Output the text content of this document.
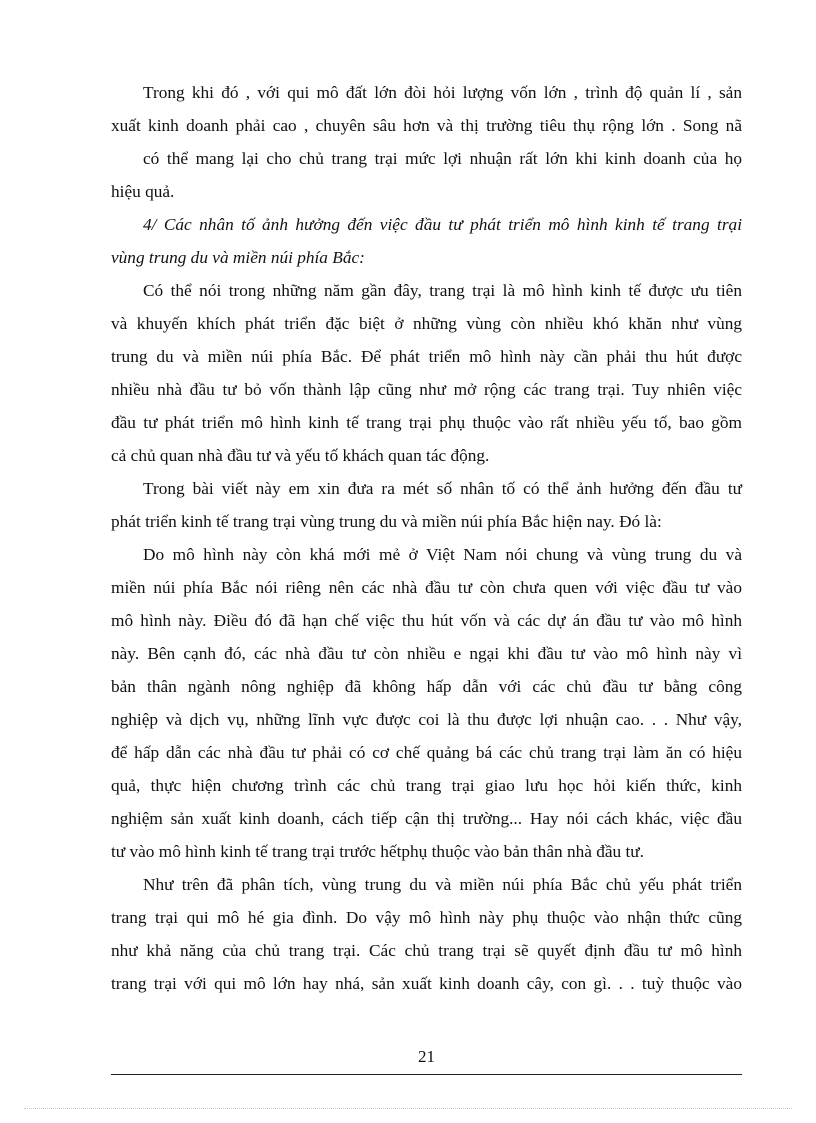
Trong khi đó , với qui mô đất lớn đòi hỏi lượng vốn lớn , trình độ quản lí , sản
xuất kinh doanh phải cao , chuyên sâu hơn và thị trường tiêu thụ rộng lớn . Song nã
có thể mang lại cho chủ trang trại mức lợi nhuận rất lớn khi kinh doanh của họ
hiệu quả.
4/ Các nhân tố ảnh hưởng đến việc đầu tư phát triển mô hình kinh tế trang trại
vùng trung du và miền núi phía Bắc:
Có thể nói trong những năm gần đây, trang trại là mô hình kinh tế được ưu tiên
và khuyến khích phát triển đặc biệt ở những vùng còn nhiều khó khăn như vùng
trung du và miền núi phía Bắc. Để phát triển mô hình này cần phải thu hút được
nhiều nhà đầu tư bỏ vốn thành lập cũng như mở rộng các trang trại. Tuy nhiên việc
đầu tư phát triển mô hình kinh tế trang trại phụ thuộc vào rất nhiều yếu tố, bao gồm
cả chủ quan nhà đầu tư và yếu tố khách quan tác động.
Trong bài viết này em xin đưa ra mét số nhân tố có thể ảnh hưởng đến đầu tư
phát triển kinh tế trang trại vùng trung du và miền núi phía Bắc hiện nay. Đó là:
Do mô hình này còn khá mới mẻ ở Việt Nam nói chung và vùng trung du và
miền núi phía Bắc nói riêng nên các nhà đầu tư còn chưa quen với việc đầu tư vào
mô hình này. Điều đó đã hạn chế việc thu hút vốn và các dự án đầu tư vào mô hình
này. Bên cạnh đó, các nhà đầu tư còn nhiều e ngại khi đầu tư vào mô hình này vì
bản thân ngành nông nghiệp đã không hấp dẫn với các chủ đầu tư bằng công
nghiệp và dịch vụ, những lĩnh vực được coi là thu được lợi nhuận cao. . . Như vậy,
để hấp dẫn các nhà đầu tư phải có cơ chế quảng bá các chủ trang trại làm ăn có hiệu
quả, thực hiện chương trình các chủ trang trại giao lưu học hỏi kiến thức, kinh
nghiệm sản xuất kinh doanh, cách tiếp cận thị trường... Hay nói cách khác, việc đầu
tư vào mô hình kinh tế trang trại trước hếtphụ thuộc vào bản thân nhà đầu tư.
Như trên đã phân tích, vùng trung du và miền núi phía Bắc chủ yếu phát triển
trang trại qui mô hé gia đình. Do vậy mô hình này phụ thuộc vào nhận thức cũng
như khả năng của chủ trang trại. Các chủ trang trại sẽ quyết định đầu tư mô hình
trang trại với qui mô lớn hay nhá, sản xuất kinh doanh cây, con gì. . . tuỳ thuộc vào
21
